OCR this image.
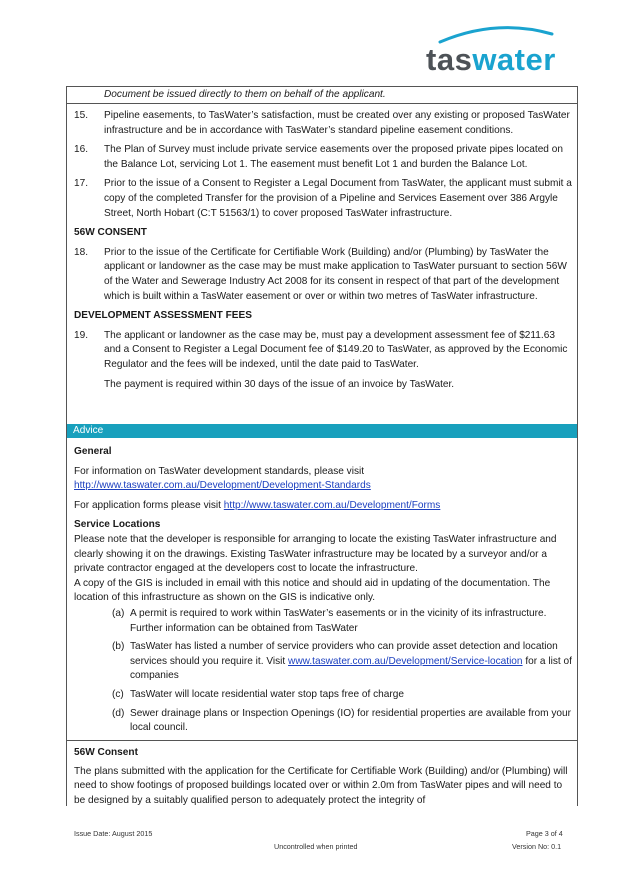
taswater

Document be issued directly to them on behalf of the applicant.

15.	Pipeline easements, to TasWater’s satisfaction, must be created over any existing or proposed TasWater infrastructure and be in accordance with TasWater’s standard pipeline easement conditions.
16.	The Plan of Survey must include private service easements over the proposed private pipes located on the Balance Lot, servicing Lot 1. The easement must benefit Lot 1 and burden the Balance Lot.
17.	Prior to the issue of a Consent to Register a Legal Document from TasWater, the applicant must submit a copy of the completed Transfer for the provision of a Pipeline and Services Easement over 386 Argyle Street, North Hobart (C:T 51563/1) to cover proposed TasWater infrastructure.

56W CONSENT

18.	Prior to the issue of the Certificate for Certifiable Work (Building) and/or (Plumbing) by TasWater the applicant or landowner as the case may be must make application to TasWater pursuant to section 56W of the Water and Sewerage Industry Act 2008 for its consent in respect of that part of the development which is built within a TasWater easement or over or within two metres of TasWater infrastructure.

DEVELOPMENT ASSESSMENT FEES

19.	The applicant or landowner as the case may be, must pay a development assessment fee of $211.63 and a Consent to Register a Legal Document fee of $149.20 to TasWater, as approved by the Economic Regulator and the fees will be indexed, until the date paid to TasWater.

The payment is required within 30 days of the issue of an invoice by TasWater.

Advice

General

For information on TasWater development standards, please visit

http://www.taswater.com.au/Development/Development-Standards

For application forms please visit http://www.taswater.com.au/Development/Forms

Service Locations

Please note that the developer is responsible for arranging to locate the existing TasWater infrastructure and clearly showing it on the drawings. Existing TasWater infrastructure may be located by a surveyor and/or a private contractor engaged at the developers cost to locate the infrastructure.

A copy of the GIS is included in email with this notice and should aid in updating of the documentation. The location of this infrastructure as shown on the GIS is indicative only.

(a) A permit is required to work within TasWater’s easements or in the vicinity of its infrastructure. Further information can be obtained from TasWater
(b) TasWater has listed a number of service providers who can provide asset detection and location services should you require it. Visit www.taswater.com.au/Development/Service-location for a list of companies
(c) TasWater will locate residential water stop taps free of charge
(d) Sewer drainage plans or Inspection Openings (IO) for residential properties are available from your local council.

56W Consent

The plans submitted with the application for the Certificate for Certifiable Work (Building) and/or (Plumbing) will need to show footings of proposed buildings located over or within 2.0m from TasWater pipes and will need to be designed by a suitably qualified person to adequately protect the integrity of

Issue Date: August 2015
Uncontrolled when printed
Page 3 of 4
Version No: 0.1
